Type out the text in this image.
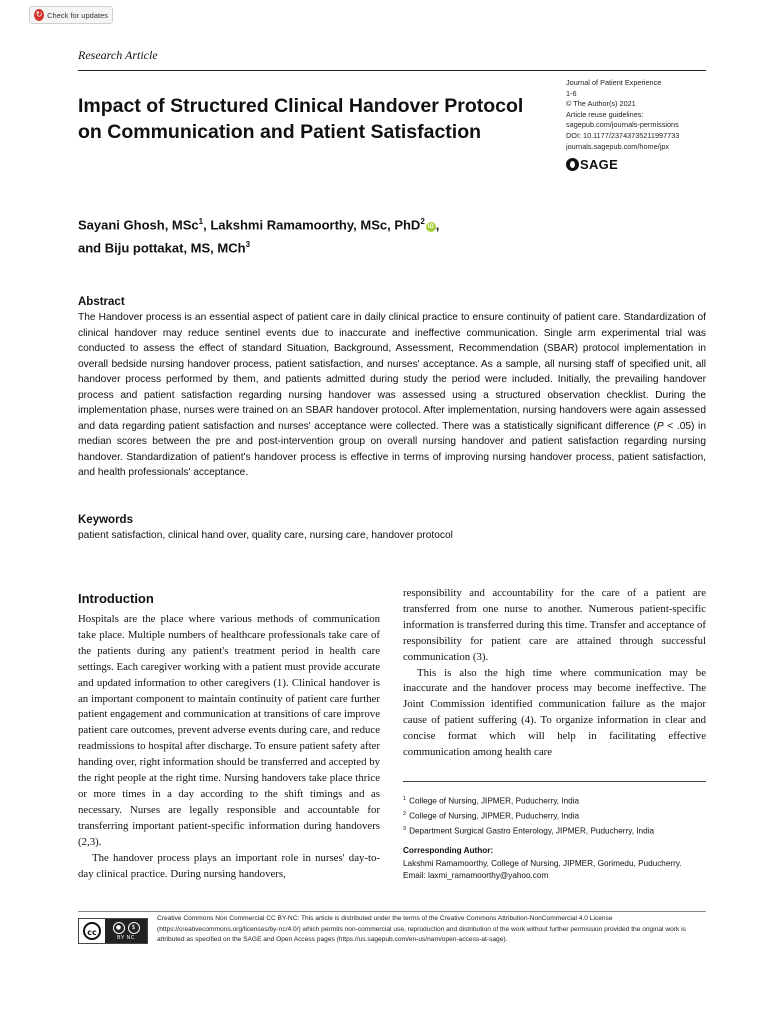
↻ Check for updates
Research Article
Impact of Structured Clinical Handover Protocol on Communication and Patient Satisfaction
Journal of Patient Experience
1-6
© The Author(s) 2021
Article reuse guidelines:
sagepub.com/journals-permissions
DOI: 10.1177/23743735211997733
journals.sagepub.com/home/jpx
SAGE
Sayani Ghosh, MSc$^1$, Lakshmi Ramamoorthy, MSc, PhD$^2$iD ,
and Biju pottakat, MS, MCh$^3$
Abstract
The Handover process is an essential aspect of patient care in daily clinical practice to ensure continuity of patient care. Standardization of clinical handover may reduce sentinel events due to inaccurate and ineffective communication. Single arm experimental trial was conducted to assess the effect of standard Situation, Background, Assessment, Recommendation (SBAR) protocol implementation in overall bedside nursing handover process, patient satisfaction, and nurses' acceptance. As a sample, all nursing staff of specified unit, all handover process performed by them, and patients admitted during study the period were included. Initially, the prevailing handover process and patient satisfaction regarding nursing handover was assessed using a structured observation checklist. During the implementation phase, nurses were trained on an SBAR handover protocol. After implementation, nursing handovers were again assessed and data regarding patient satisfaction and nurses' acceptance were collected. There was a statistically significant difference (P < .05) in median scores between the pre and post-intervention group on overall nursing handover and patient satisfaction regarding nursing handover. Standardization of patient's handover process is effective in terms of improving nursing handover process, patient satisfaction, and health professionals' acceptance.
Keywords
patient satisfaction, clinical hand over, quality care, nursing care, handover protocol
Introduction

Hospitals are the place where various methods of communication take place. Multiple numbers of healthcare professionals take care of the patients during any patient's treatment period in health care settings. Each caregiver working with a patient must provide accurate and updated information to other caregivers (1). Clinical handover is an important component to maintain continuity of patient care further patient engagement and communication at transitions of care improve patient care outcomes, prevent adverse events during care, and reduce readmissions to hospital after discharge. To ensure patient safety after handing over, right information should be transferred and accepted by the right people at the right time. Nursing handovers take place thrice or more times in a day according to the shift timings and as necessary. Nurses are legally responsible and accountable for transferring important patient-specific information during handovers (2,3).

The handover process plays an important role in nurses' day-to-day clinical practice. During nursing handovers,

responsibility and accountability for the care of a patient are transferred from one nurse to another. Numerous patient-specific information is transferred during this time. Transfer and acceptance of responsibility for patient care are attained through successful communication (3).

This is also the high time where communication may be inaccurate and the handover process may become ineffective. The Joint Commission identified communication failure as the major cause of patient suffering (4). To organize information in clear and concise format which will help in facilitating effective communication among health care

$^1$ College of Nursing, JIPMER, Puducherry, India
$^2$ College of Nursing, JIPMER, Puducherry, India
$^3$ Department Surgical Gastro Enterology, JIPMER, Puducherry, India
Corresponding Author:
Lakshmi Ramamoorthy, College of Nursing, JIPMER, Gorimedu, Puducherry.
Email: laxmi_ramamoorthy@yahoo.com
cc
●	$
BY NC
Creative Commons Non Commercial CC BY-NC: This article is distributed under the terms of the Creative Commons Attribution-NonCommercial 4.0 License (https://creativecommons.org/licenses/by-nc/4.0/) which permits non-commercial use, reproduction and distribution of the work without further permission provided the original work is attributed as specified on the SAGE and Open Access pages (https://us.sagepub.com/en-us/nam/open-access-at-sage).
